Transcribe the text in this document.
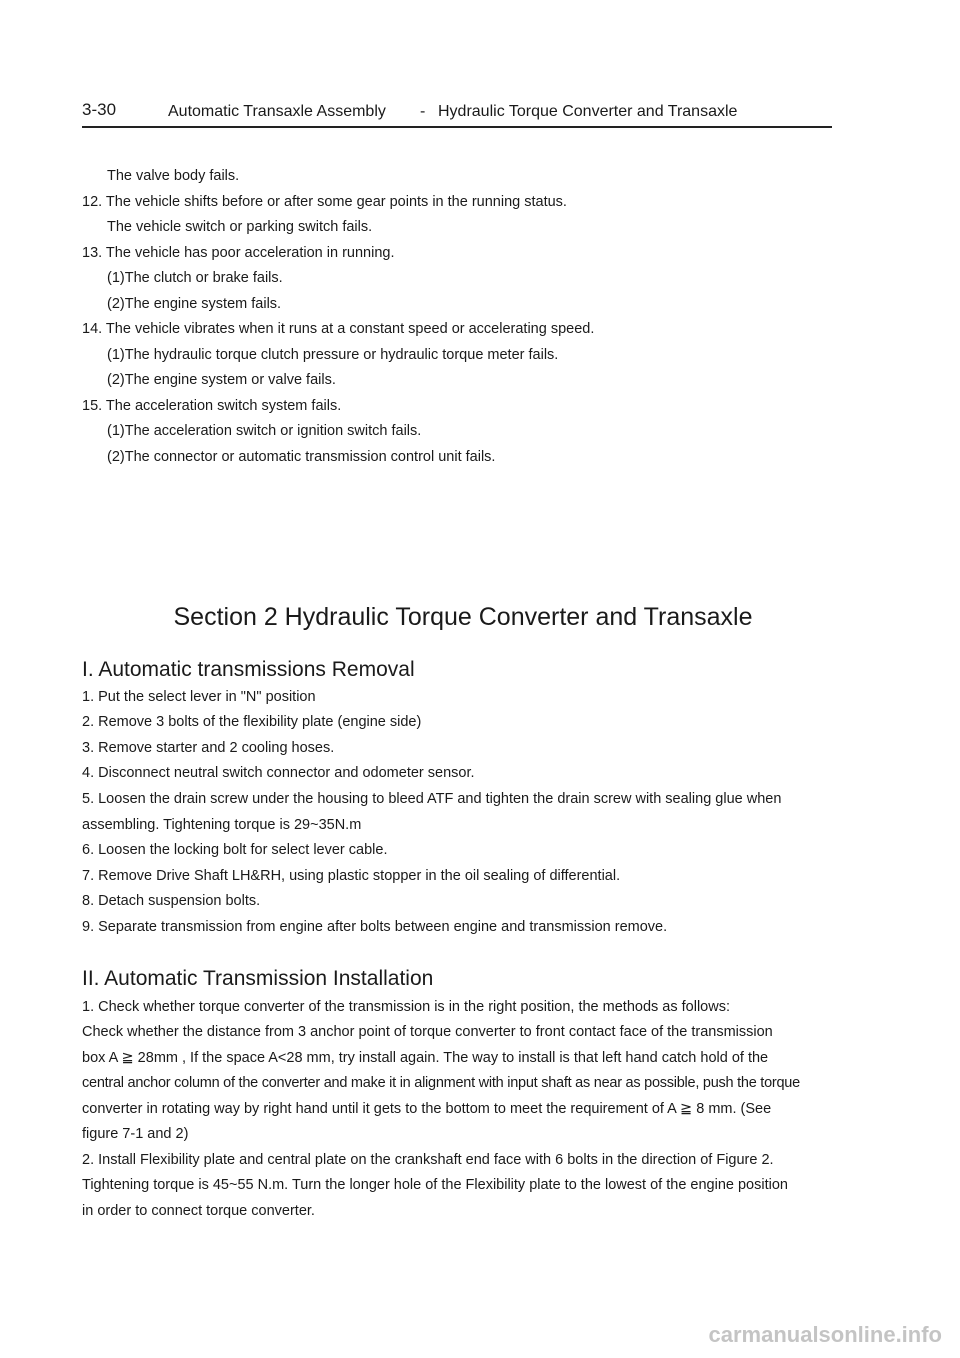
3-30	Automatic Transaxle Assembly - Hydraulic Torque Converter and Transaxle
The valve body fails.
12. The vehicle shifts before or after some gear points in the running status.
The vehicle switch or parking switch fails.
13. The vehicle has poor acceleration in running.
(1)The clutch or brake fails.
(2)The engine system fails.
14. The vehicle vibrates when it runs at a constant speed or accelerating speed.
(1)The hydraulic torque clutch pressure or hydraulic torque meter fails.
(2)The engine system or valve fails.
15. The acceleration switch system fails.
(1)The acceleration switch or ignition switch fails.
(2)The connector or automatic transmission control unit fails.
Section 2 Hydraulic Torque Converter and Transaxle
I. Automatic transmissions Removal
1. Put the select lever in "N" position
2. Remove 3 bolts of the flexibility plate (engine side)
3. Remove starter and 2 cooling hoses.
4. Disconnect neutral switch connector and odometer sensor.
5. Loosen the drain screw under the housing to bleed ATF and tighten the drain screw with sealing glue when
assembling. Tightening torque is 29~35N.m
6. Loosen the locking bolt for select lever cable.
7. Remove Drive Shaft LH&RH, using plastic stopper in the oil sealing of differential.
8. Detach suspension bolts.
9. Separate transmission from engine after bolts between engine and transmission remove.
II. Automatic Transmission Installation
1. Check whether torque converter of the transmission is in the right position, the methods as follows:
Check whether the distance from 3 anchor point of torque converter to front contact face of the transmission
box A ≧ 28mm , If the space A<28 mm, try install again. The way to install is that left hand catch hold of the
central anchor column of the converter and make it in alignment with input shaft as near as possible, push the torque
converter in rotating way by right hand until it gets to the bottom to meet the requirement of A ≧ 8 mm. (See
figure 7-1 and 2)
2. Install Flexibility plate and central plate on the crankshaft end face with 6 bolts in the direction of Figure 2.
Tightening torque is 45~55 N.m. Turn the longer hole of the Flexibility plate to the lowest of the engine position
in order to connect torque converter.
carmanualsonline.info
